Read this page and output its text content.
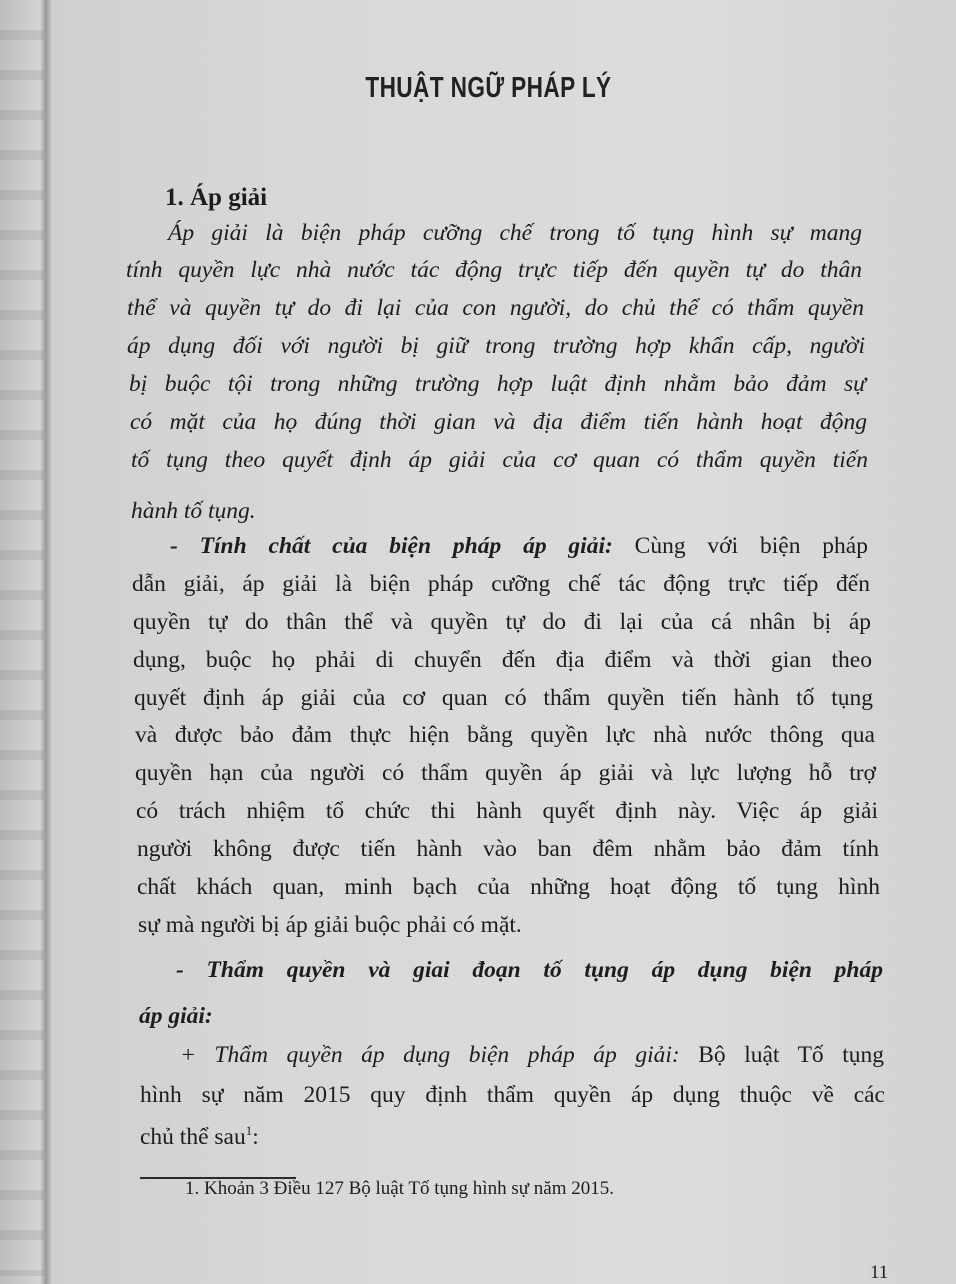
THUẬT NGỮ PHÁP LÝ
1. Áp giải
Áp giải là biện pháp cưỡng chế trong tố tụng hình sự mang
tính quyền lực nhà nước tác động trực tiếp đến quyền tự do thân
thể và quyền tự do đi lại của con người, do chủ thể có thẩm quyền
áp dụng đối với người bị giữ trong trường hợp khẩn cấp, người
bị buộc tội trong những trường hợp luật định nhằm bảo đảm sự
có mặt của họ đúng thời gian và địa điểm tiến hành hoạt động
tố tụng theo quyết định áp giải của cơ quan có thẩm quyền tiến
hành tố tụng.
- Tính chất của biện pháp áp giải: Cùng với biện pháp
dẫn giải, áp giải là biện pháp cưỡng chế tác động trực tiếp đến
quyền tự do thân thể và quyền tự do đi lại của cá nhân bị áp
dụng, buộc họ phải di chuyển đến địa điểm và thời gian theo
quyết định áp giải của cơ quan có thẩm quyền tiến hành tố tụng
và được bảo đảm thực hiện bằng quyền lực nhà nước thông qua
quyền hạn của người có thẩm quyền áp giải và lực lượng hỗ trợ
có trách nhiệm tổ chức thi hành quyết định này. Việc áp giải
người không được tiến hành vào ban đêm nhằm bảo đảm tính
chất khách quan, minh bạch của những hoạt động tố tụng hình
sự mà người bị áp giải buộc phải có mặt.
- Thẩm quyền và giai đoạn tố tụng áp dụng biện pháp
áp giải:
+ Thẩm quyền áp dụng biện pháp áp giải: Bộ luật Tố tụng
hình sự năm 2015 quy định thẩm quyền áp dụng thuộc về các
chủ thể sau$^1$:
1. Khoản 3 Điều 127 Bộ luật Tố tụng hình sự năm 2015.
11
